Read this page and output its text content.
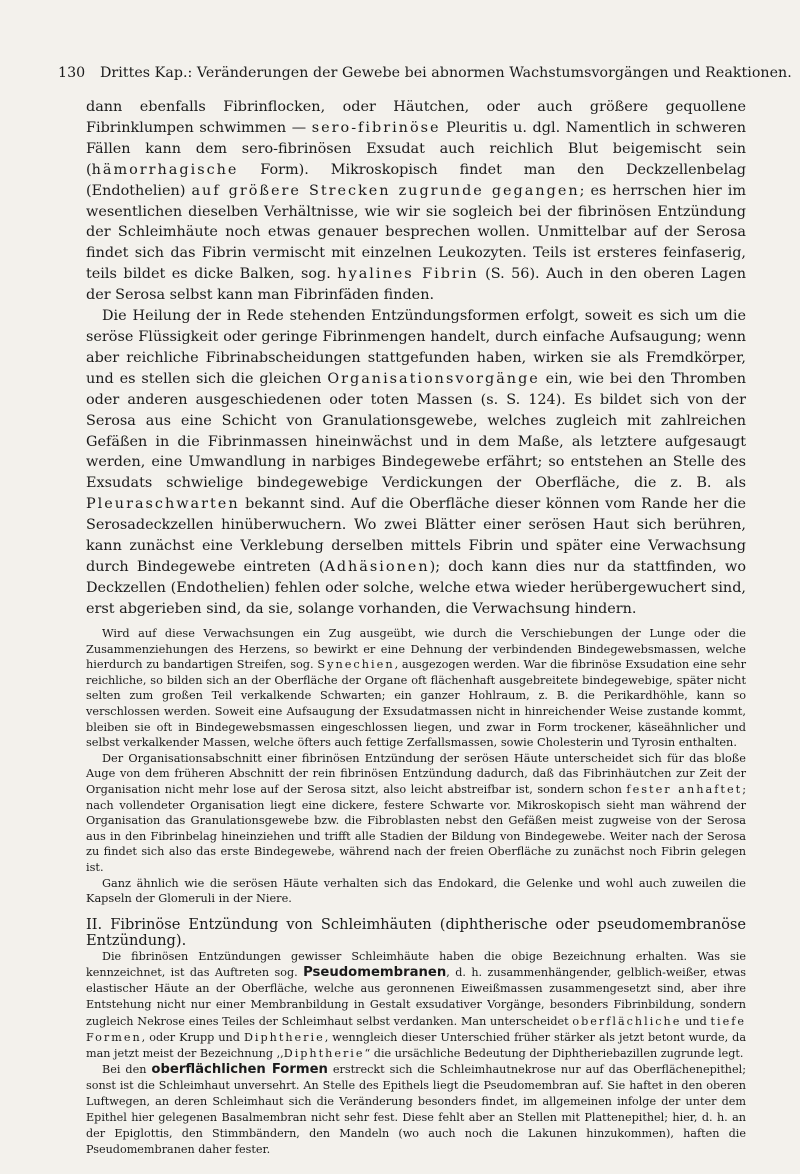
130 Drittes Kap.: Veränderungen der Gewebe bei abnormen Wachstumsvorgängen und Reaktionen.

dann ebenfalls Fibrinflocken, oder Häutchen, oder auch größere gequollene Fibrinklumpen schwimmen — sero-fibrinöse Pleuritis u. dgl. Namentlich in schweren Fällen kann dem sero-fibrinösen Exsudat auch reichlich Blut beigemischt sein (hämorrhagische Form). Mikroskopisch findet man den Deckzellenbelag (Endothelien) auf größere Strecken zugrunde gegangen; es herrschen hier im wesentlichen dieselben Verhältnisse, wie wir sie sogleich bei der fibrinösen Entzündung der Schleimhäute noch etwas genauer besprechen wollen. Unmittelbar auf der Serosa findet sich das Fibrin vermischt mit einzelnen Leukozyten. Teils ist ersteres feinfaserig, teils bildet es dicke Balken, sog. hyalines Fibrin (S. 56). Auch in den oberen Lagen der Serosa selbst kann man Fibrinfäden finden.

Die Heilung der in Rede stehenden Entzündungsformen erfolgt, soweit es sich um die seröse Flüssigkeit oder geringe Fibrinmengen handelt, durch einfache Aufsaugung; wenn aber reichliche Fibrinabscheidungen stattgefunden haben, wirken sie als Fremdkörper, und es stellen sich die gleichen Organisationsvorgänge ein, wie bei den Thromben oder anderen ausgeschiedenen oder toten Massen (s. S. 124). Es bildet sich von der Serosa aus eine Schicht von Granulationsgewebe, welches zugleich mit zahlreichen Gefäßen in die Fibrinmassen hineinwächst und in dem Maße, als letztere aufgesaugt werden, eine Umwandlung in narbiges Bindegewebe erfährt; so entstehen an Stelle des Exsudats schwielige bindegewebige Verdickungen der Oberfläche, die z. B. als Pleuraschwarten bekannt sind. Auf die Oberfläche dieser können vom Rande her die Serosadeckzellen hinüberwuchern. Wo zwei Blätter einer serösen Haut sich berühren, kann zunächst eine Verklebung derselben mittels Fibrin und später eine Verwachsung durch Bindegewebe eintreten (Adhäsionen); doch kann dies nur da stattfinden, wo Deckzellen (Endothelien) fehlen oder solche, welche etwa wieder herübergewuchert sind, erst abgerieben sind, da sie, solange vorhanden, die Verwachsung hindern.

Wird auf diese Verwachsungen ein Zug ausgeübt, wie durch die Verschiebungen der Lunge oder die Zusammenziehungen des Herzens, so bewirkt er eine Dehnung der verbindenden Bindegewebsmassen, welche hierdurch zu bandartigen Streifen, sog. Synechien, ausgezogen werden. War die fibrinöse Exsudation eine sehr reichliche, so bilden sich an der Oberfläche der Organe oft flächenhaft ausgebreitete bindegewebige, später nicht selten zum großen Teil verkalkende Schwarten; ein ganzer Hohlraum, z. B. die Perikardhöhle, kann so verschlossen werden. Soweit eine Aufsaugung der Exsudatmassen nicht in hinreichender Weise zustande kommt, bleiben sie oft in Bindegewebsmassen eingeschlossen liegen, und zwar in Form trockener, käseähnlicher und selbst verkalkender Massen, welche öfters auch fettige Zerfallsmassen, sowie Cholesterin und Tyrosin enthalten.

Der Organisationsabschnitt einer fibrinösen Entzündung der serösen Häute unterscheidet sich für das bloße Auge von dem früheren Abschnitt der rein fibrinösen Entzündung dadurch, daß das Fibrinhäutchen zur Zeit der Organisation nicht mehr lose auf der Serosa sitzt, also leicht abstreifbar ist, sondern schon fester anhaftet; nach vollendeter Organisation liegt eine dickere, festere Schwarte vor. Mikroskopisch sieht man während der Organisation das Granulationsgewebe bzw. die Fibroblasten nebst den Gefäßen meist zugweise von der Serosa aus in den Fibrinbelag hineinziehen und trifft alle Stadien der Bildung von Bindegewebe. Weiter nach der Serosa zu findet sich also das erste Bindegewebe, während nach der freien Oberfläche zu zunächst noch Fibrin gelegen ist.

Ganz ähnlich wie die serösen Häute verhalten sich das Endokard, die Gelenke und wohl auch zuweilen die Kapseln der Glomeruli in der Niere.

II. Fibrinöse Entzündung von Schleimhäuten (diphtherische oder pseudomembranöse Entzündung).

Die fibrinösen Entzündungen gewisser Schleimhäute haben die obige Bezeichnung erhalten. Was sie kennzeichnet, ist das Auftreten sog. Pseudomembranen, d. h. zusammenhängender, gelblich-weißer, etwas elastischer Häute an der Oberfläche, welche aus geronnenen Eiweißmassen zusammengesetzt sind, aber ihre Entstehung nicht nur einer Membranbildung in Gestalt exsudativer Vorgänge, besonders Fibrinbildung, sondern zugleich Nekrose eines Teiles der Schleimhaut selbst verdanken. Man unterscheidet oberflächliche und tiefe Formen, oder Krupp und Diphtherie, wenngleich dieser Unterschied früher stärker als jetzt betont wurde, da man jetzt meist der Bezeichnung ,,Diphtherie“ die ursächliche Bedeutung der Diphtheriebazillen zugrunde legt.

Bei den oberflächlichen Formen erstreckt sich die Schleimhautnekrose nur auf das Oberflächenepithel; sonst ist die Schleimhaut unversehrt. An Stelle des Epithels liegt die Pseudomembran auf. Sie haftet in den oberen Luftwegen, an deren Schleimhaut sich die Veränderung besonders findet, im allgemeinen infolge der unter dem Epithel hier gelegenen Basalmembran nicht sehr fest. Diese fehlt aber an Stellen mit Plattenepithel; hier, d. h. an der Epiglottis, den Stimmbändern, den Mandeln (wo auch noch die Lakunen hinzukommen), haften die Pseudomembranen daher fester.
